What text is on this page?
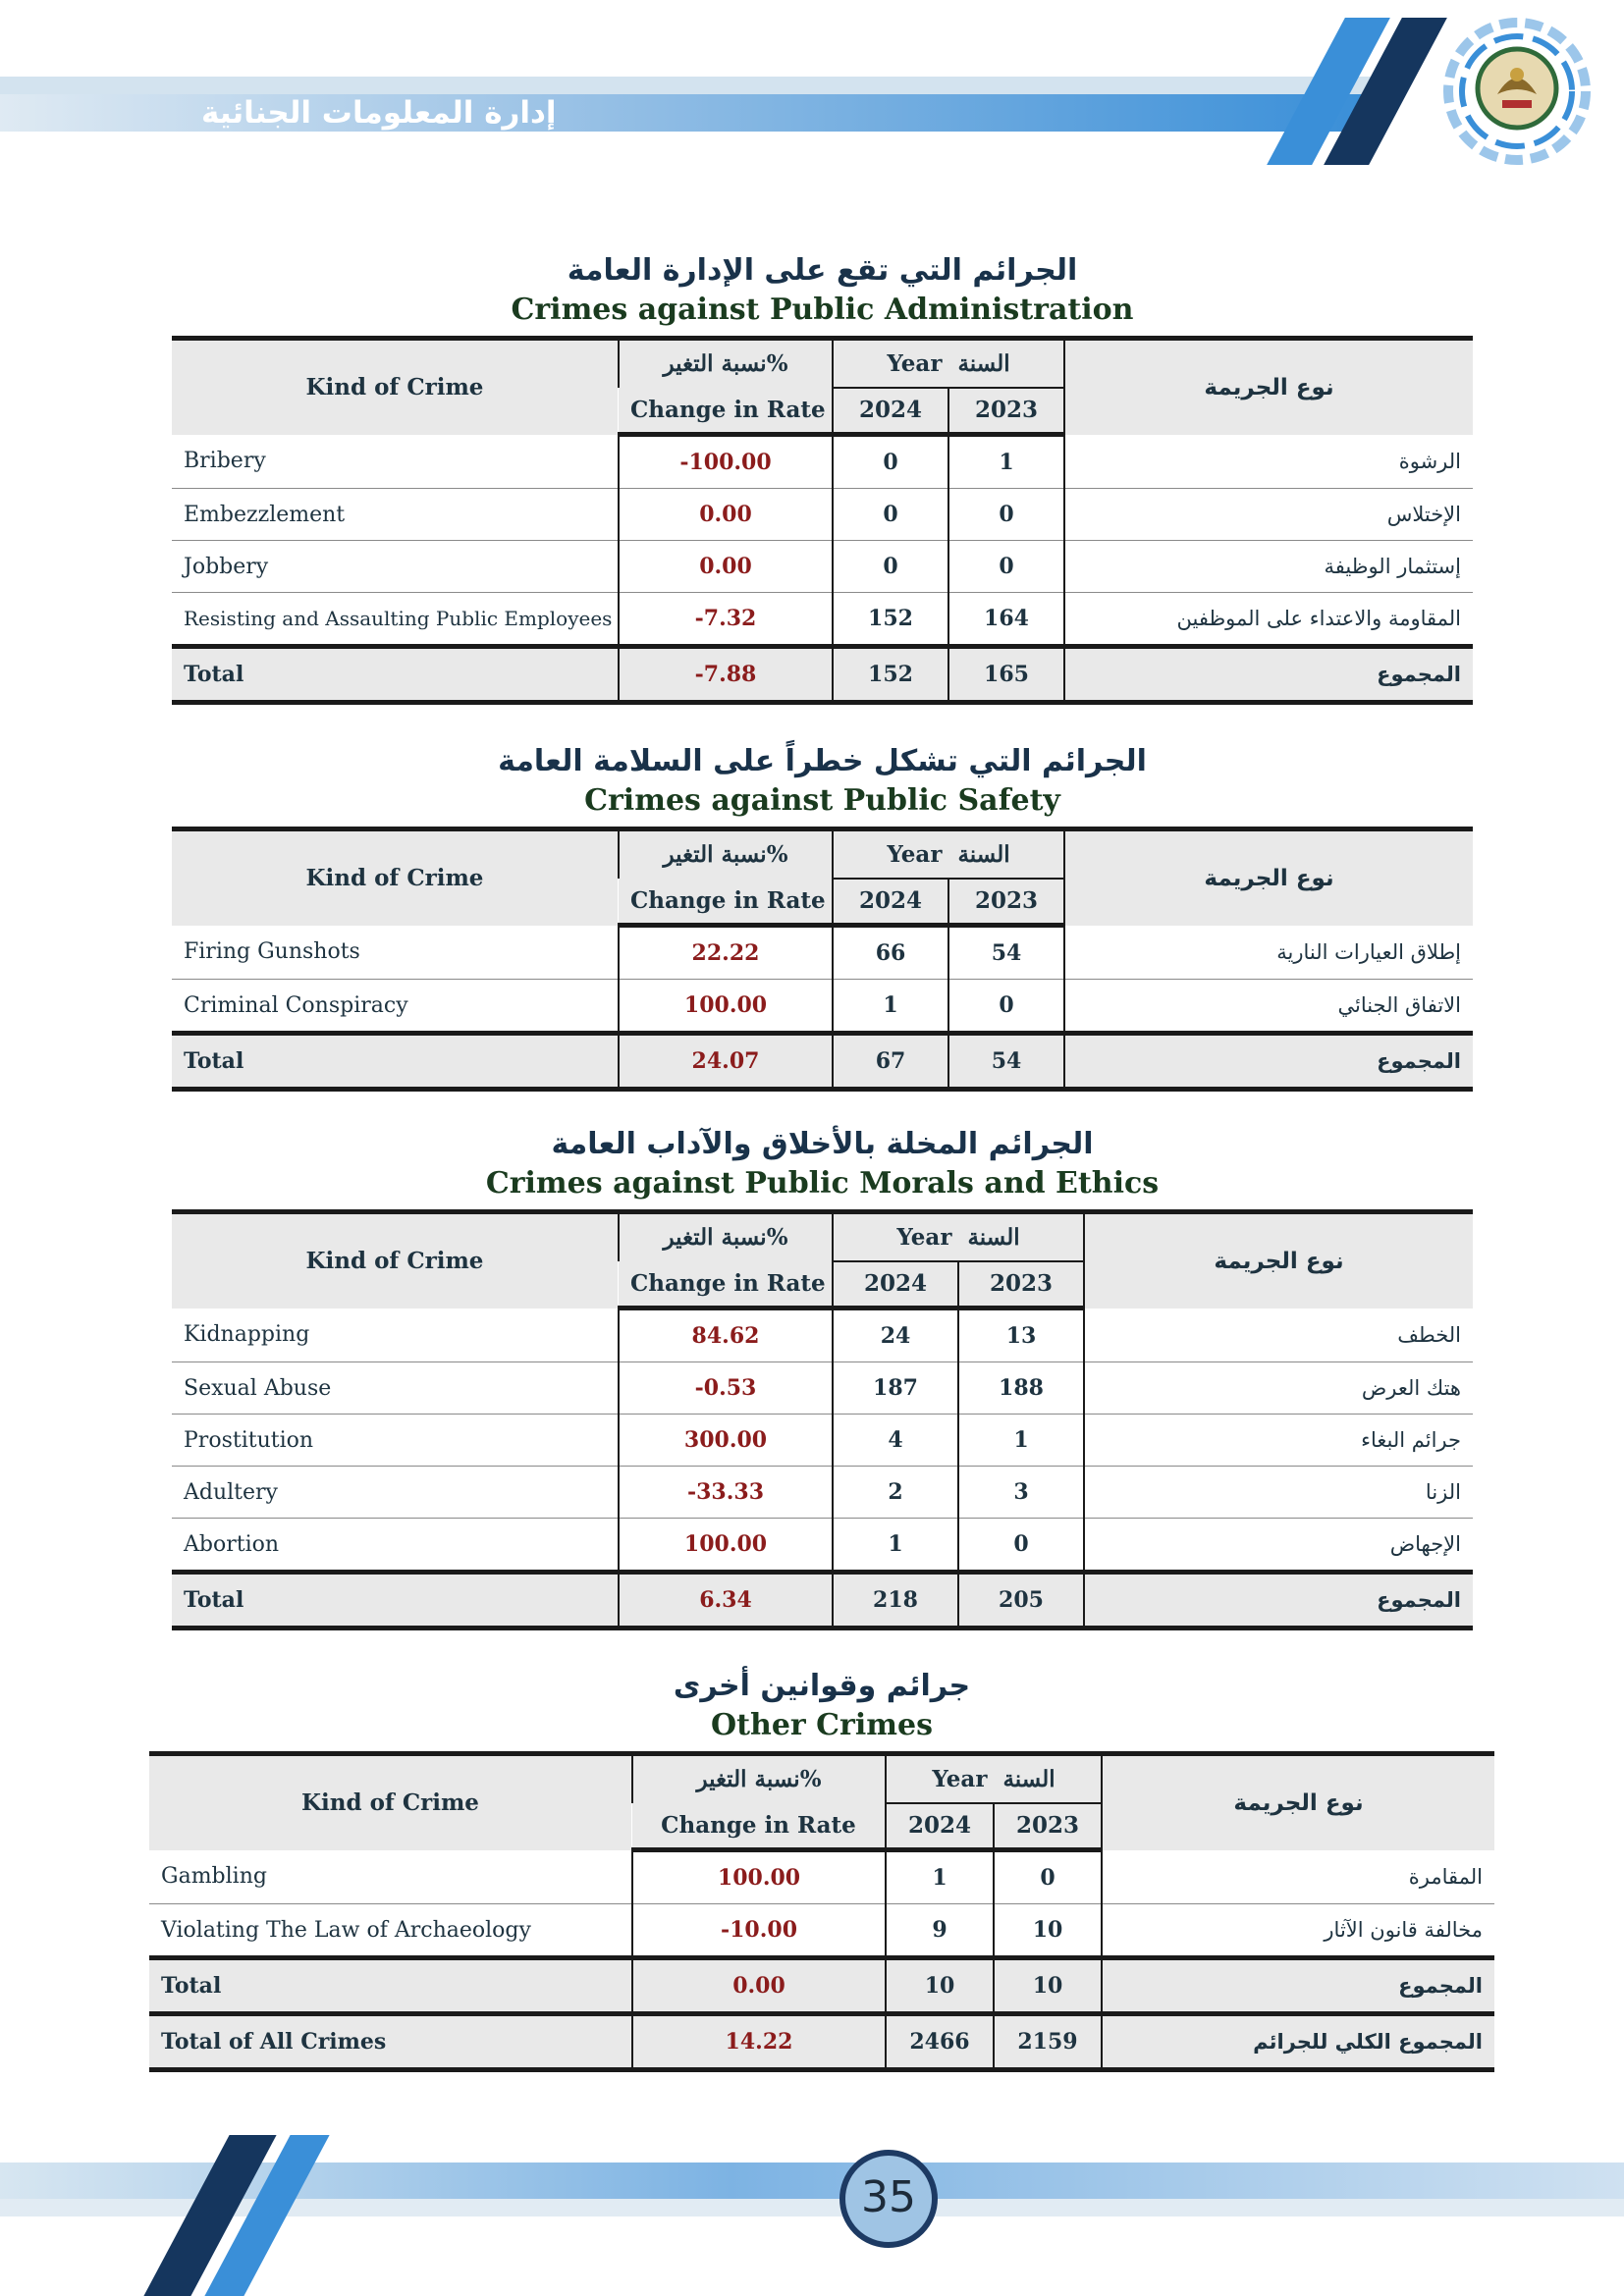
إدارة المعلومات الجنائية
الجرائم التي تقع على الإدارة العامة
Crimes against Public Administration
Kind of Crime	نسبة التغير%	Year السنة		نوع الجريمة
	Change in Rate	2024	2023	
Bribery	-100.00	0	1	الرشوة
Embezzlement	0.00	0	0	الإختلاس
Jobbery	0.00	0	0	إستثمار الوظيفة
Resisting and Assaulting Public Employees	-7.32	152	164	المقاومة والاعتداء على الموظفين
Total	-7.88	152	165	المجموع
الجرائم التي تشكل خطراً على السلامة العامة
Crimes against Public Safety
Kind of Crime	نسبة التغير%	Year السنة		نوع الجريمة
	Change in Rate	2024	2023	
Firing Gunshots	22.22	66	54	إطلاق العيارات النارية
Criminal Conspiracy	100.00	1	0	الاتفاق الجنائي
Total	24.07	67	54	المجموع
الجرائم المخلة بالأخلاق والآداب العامة
Crimes against Public Morals and Ethics
Kind of Crime	نسبة التغير%	Year السنة		نوع الجريمة
	Change in Rate	2024	2023	
Kidnapping	84.62	24	13	الخطف
Sexual Abuse	-0.53	187	188	هتك العرض
Prostitution	300.00	4	1	جرائم البغاء
Adultery	-33.33	2	3	الزنا
Abortion	100.00	1	0	الإجهاض
Total	6.34	218	205	المجموع
جرائم وقوانين أخرى
Other Crimes
Kind of Crime	نسبة التغير%	Year السنة		نوع الجريمة
	Change in Rate	2024	2023	
Gambling	100.00	1	0	المقامرة
Violating The Law of Archaeology	-10.00	9	10	مخالفة قانون الآثار
Total	0.00	10	10	المجموع
Total of All Crimes	14.22	2466	2159	المجموع الكلي للجرائم
35
